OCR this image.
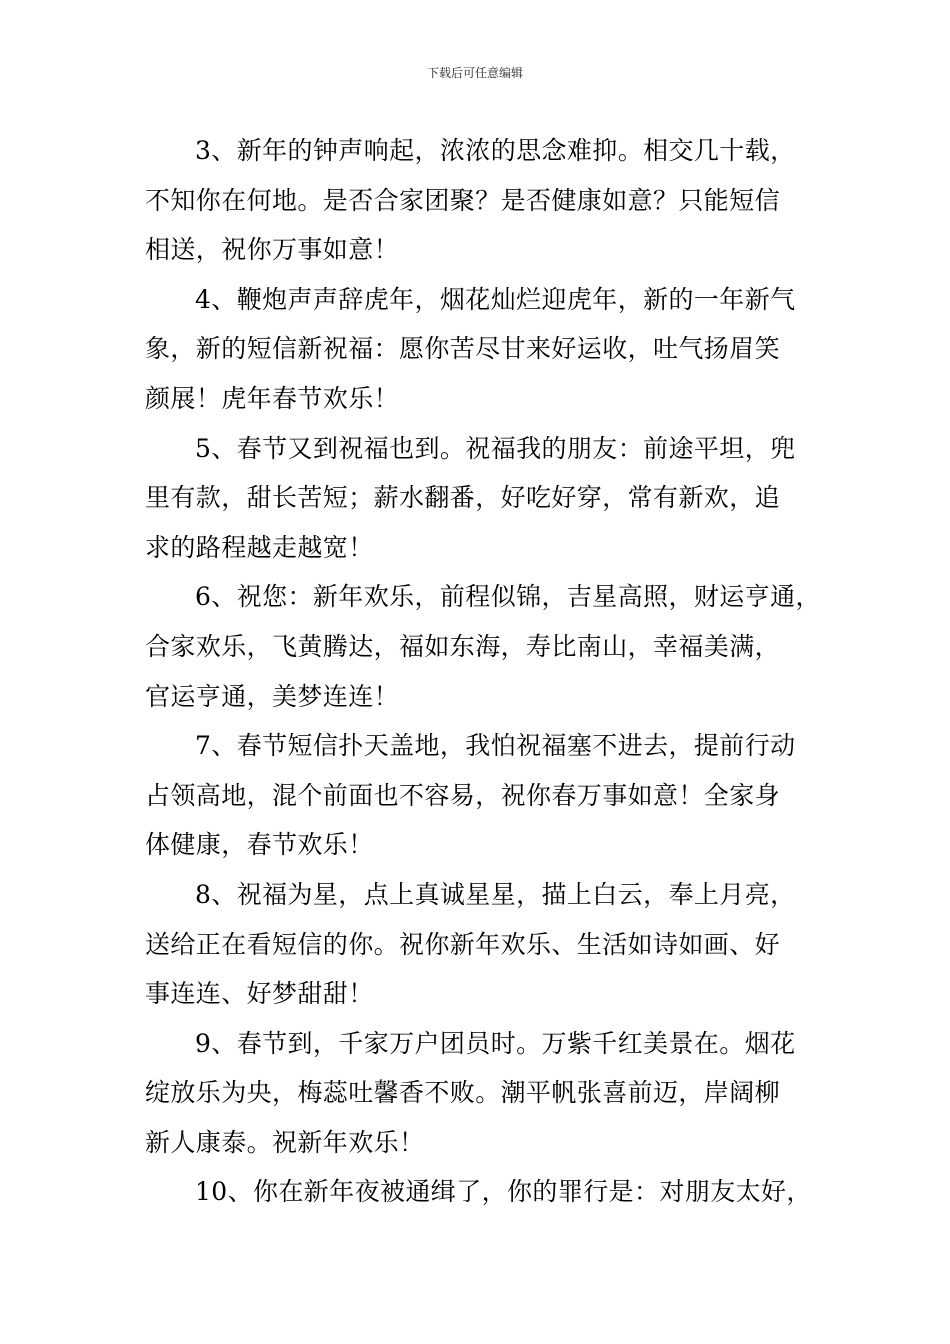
下载后可任意编辑

3、新年的钟声响起，浓浓的思念难抑。相交几十载，
不知你在何地。是否合家团聚？是否健康如意？只能短信
相送，祝你万事如意！

4、鞭炮声声辞虎年，烟花灿烂迎虎年，新的一年新气
象，新的短信新祝福：愿你苦尽甘来好运收，吐气扬眉笑
颜展！虎年春节欢乐！

5、春节又到祝福也到。祝福我的朋友：前途平坦，兜
里有款，甜长苦短；薪水翻番，好吃好穿，常有新欢，追
求的路程越走越宽！

6、祝您：新年欢乐，前程似锦，吉星高照，财运亨通，
合家欢乐，飞黄腾达，福如东海，寿比南山，幸福美满，
官运亨通，美梦连连！

7、春节短信扑天盖地，我怕祝福塞不进去，提前行动
占领高地，混个前面也不容易，祝你春万事如意！全家身
体健康，春节欢乐！

8、祝福为星，点上真诚星星，描上白云，奉上月亮，
送给正在看短信的你。祝你新年欢乐、生活如诗如画、好
事连连、好梦甜甜！

9、春节到，千家万户团员时。万紫千红美景在。烟花
绽放乐为央，梅蕊吐馨香不败。潮平帆张喜前迈，岸阔柳
新人康泰。祝新年欢乐！

10、你在新年夜被通缉了，你的罪行是：对朋友太好，
